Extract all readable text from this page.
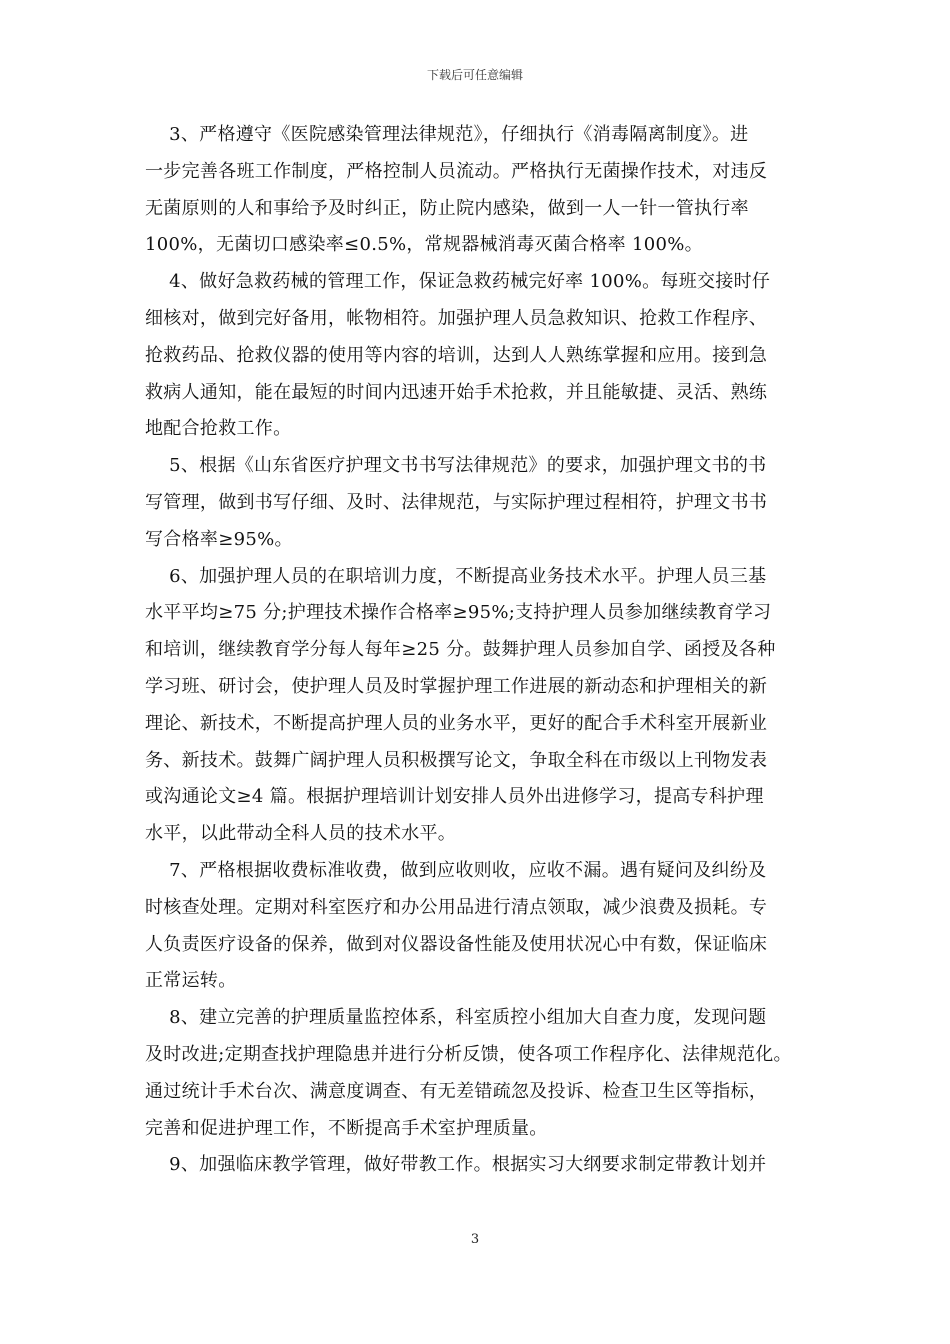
下载后可任意编辑

3、严格遵守《医院感染管理法律规范》，仔细执行《消毒隔离制度》。进
一步完善各班工作制度，严格控制人员流动。严格执行无菌操作技术，对违反
无菌原则的人和事给予及时纠正，防止院内感染，做到一人一针一管执行率
100%，无菌切口感染率≤0.5%，常规器械消毒灭菌合格率 100%。

4、做好急救药械的管理工作，保证急救药械完好率 100%。每班交接时仔
细核对，做到完好备用，帐物相符。加强护理人员急救知识、抢救工作程序、
抢救药品、抢救仪器的使用等内容的培训，达到人人熟练掌握和应用。接到急
救病人通知，能在最短的时间内迅速开始手术抢救，并且能敏捷、灵活、熟练
地配合抢救工作。

5、根据《山东省医疗护理文书书写法律规范》的要求，加强护理文书的书
写管理，做到书写仔细、及时、法律规范，与实际护理过程相符，护理文书书
写合格率≥95%。

6、加强护理人员的在职培训力度，不断提高业务技术水平。护理人员三基
水平平均≥75 分;护理技术操作合格率≥95%;支持护理人员参加继续教育学习
和培训，继续教育学分每人每年≥25 分。鼓舞护理人员参加自学、函授及各种
学习班、研讨会，使护理人员及时掌握护理工作进展的新动态和护理相关的新
理论、新技术，不断提高护理人员的业务水平，更好的配合手术科室开展新业
务、新技术。鼓舞广阔护理人员积极撰写论文，争取全科在市级以上刊物发表
或沟通论文≥4 篇。根据护理培训计划安排人员外出进修学习，提高专科护理
水平，以此带动全科人员的技术水平。

7、严格根据收费标准收费，做到应收则收，应收不漏。遇有疑问及纠纷及
时核查处理。定期对科室医疗和办公用品进行清点领取，减少浪费及损耗。专
人负责医疗设备的保养，做到对仪器设备性能及使用状况心中有数，保证临床
正常运转。

8、建立完善的护理质量监控体系，科室质控小组加大自查力度，发现问题
及时改进;定期查找护理隐患并进行分析反馈，使各项工作程序化、法律规范化。
通过统计手术台次、满意度调查、有无差错疏忽及投诉、检查卫生区等指标，
完善和促进护理工作，不断提高手术室护理质量。

9、加强临床教学管理，做好带教工作。根据实习大纲要求制定带教计划并

3
